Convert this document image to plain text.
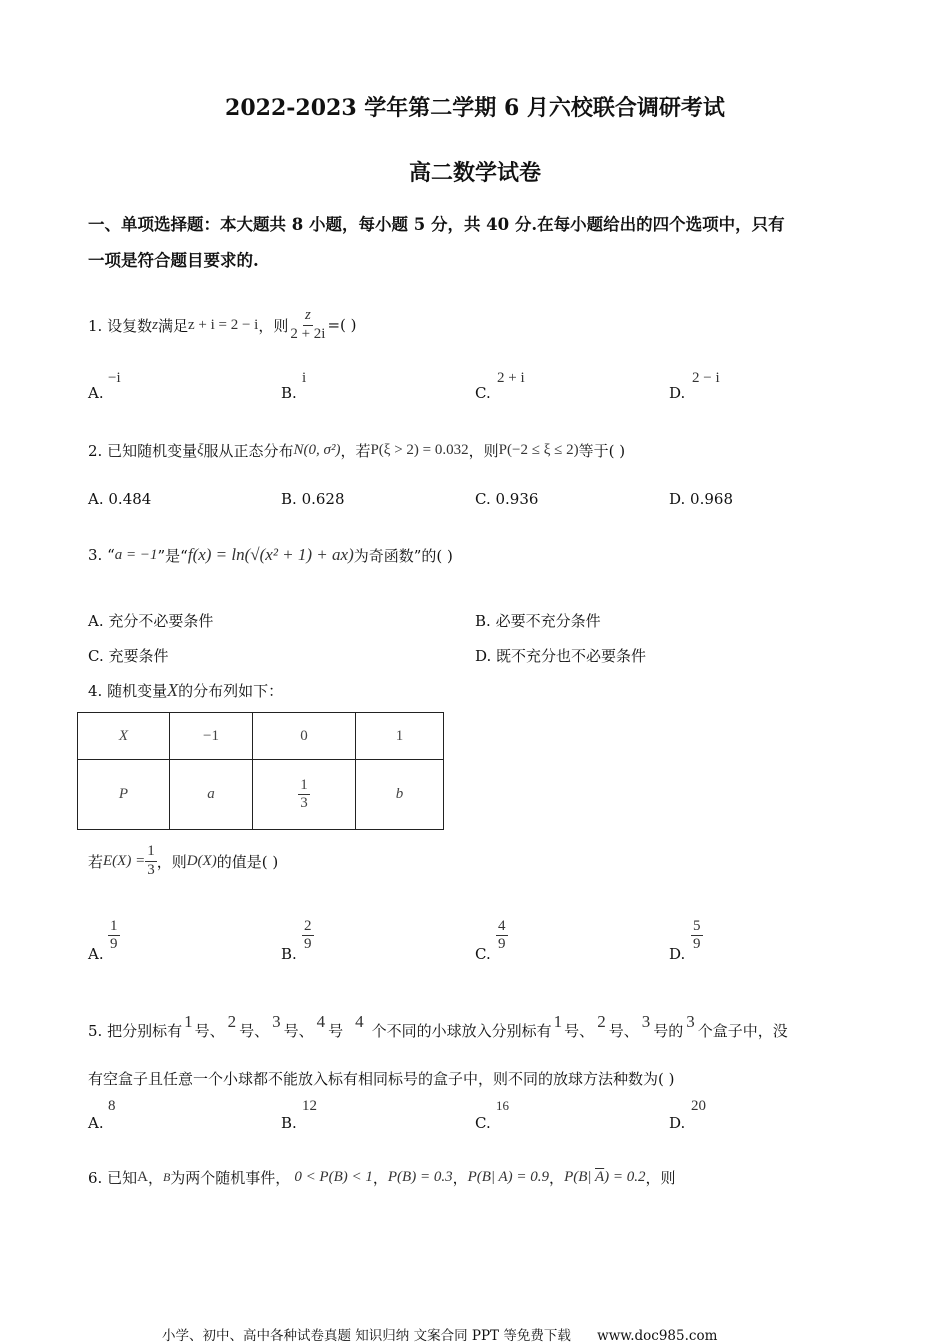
2022-2023 学年第二学期 6 月六校联合调研考试
高二数学试卷
一、单项选择题：本大题共 8 小题，每小题 5 分，共 40 分.在每小题给出的四个选项中，只有
一项是符合题目要求的.
1. 设复数 z 满足 z + i = 2 − i ，则 $\frac{z}{2 + 2i}$ =( )
A.
−i
B.
i
C.
2 + i
D.
2 − i
2. 已知随机变量 ξ 服从正态分布 N(0, σ²) ，若 P(ξ > 2) = 0.032 ，则 P(−2 ≤ ξ ≤ 2) 等于( )
A. 0.484	B. 0.628	C. 0.936	D. 0.968
3. “ a = −1 ”是“ f(x) = ln(√(x² + 1) + ax) 为奇函数”的( )
A. 充分不必要条件	B. 必要不充分条件
C. 充要条件	D. 既不充分也不必要条件
4. 随机变量 X 的分布列如下：
X	−1	0	1
P	a	$\frac{1}{3}$	b
若 $E(X) = \frac{1}{3}$ ，则 D(X) 的值是( )
A.
$\frac{1}{9}$
B.
$\frac{2}{9}$
C.
$\frac{4}{9}$
D.
$\frac{5}{9}$
5. 把分别标有 1 号、 2 号、 3 号、 4 号 4 个不同的小球放入分别标有 1 号、 2 号、 3 号的 3 个盒子中，没
有空盒子且任意一个小球都不能放入标有相同标号的盒子中，则不同的放球方法种数为( )
A.
8
B.
12
C.
16
D.
20
6. 已知 A ， B 为两个随机事件， 0 < P(B) < 1 ， P(B) = 0.3 ， P(B| A) = 0.9 ， P(B| $\overline{A}) = 0.2$ ，则
小学、初中、高中各种试卷真题 知识归纳 文案合同 PPT 等免费下载 www.doc985.com
